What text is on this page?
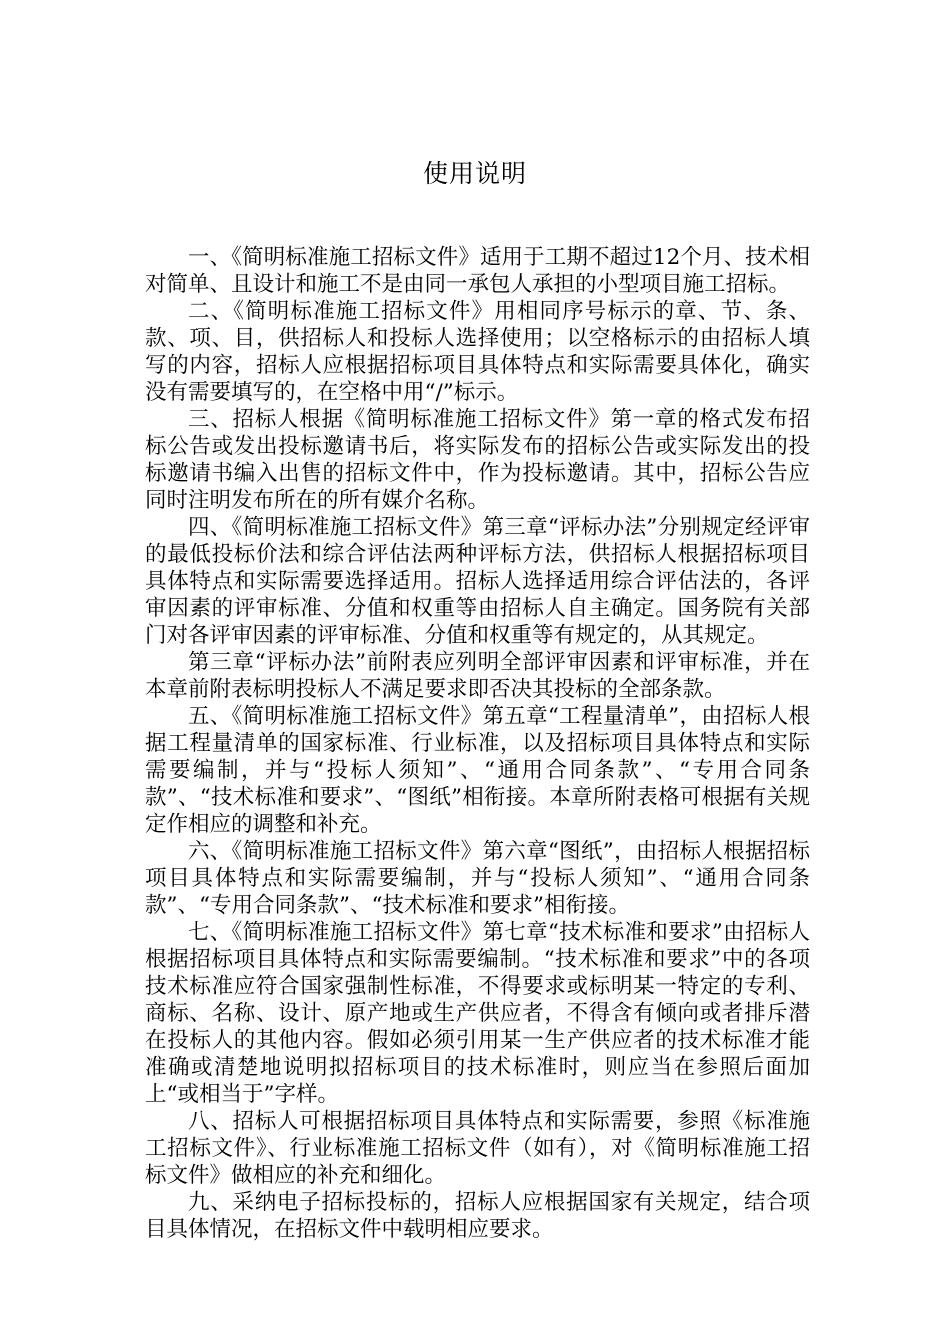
使用说明

一、《简明标准施工招标文件》适用于工期不超过12个月、技术相对简单、且设计和施工不是由同一承包人承担的小型项目施工招标。

二、《简明标准施工招标文件》用相同序号标示的章、节、条、款、项、目，供招标人和投标人选择使用；以空格标示的由招标人填写的内容，招标人应根据招标项目具体特点和实际需要具体化，确实没有需要填写的，在空格中用“/”标示。

三、招标人根据《简明标准施工招标文件》第一章的格式发布招标公告或发出投标邀请书后，将实际发布的招标公告或实际发出的投标邀请书编入出售的招标文件中，作为投标邀请。其中，招标公告应同时注明发布所在的所有媒介名称。

四、《简明标准施工招标文件》第三章“评标办法”分别规定经评审的最低投标价法和综合评估法两种评标方法，供招标人根据招标项目具体特点和实际需要选择适用。招标人选择适用综合评估法的，各评审因素的评审标准、分值和权重等由招标人自主确定。国务院有关部门对各评审因素的评审标准、分值和权重等有规定的，从其规定。

第三章“评标办法”前附表应列明全部评审因素和评审标准，并在本章前附表标明投标人不满足要求即否决其投标的全部条款。

五、《简明标准施工招标文件》第五章“工程量清单”，由招标人根据工程量清单的国家标准、行业标准，以及招标项目具体特点和实际需要编制，并与“投标人须知”、“通用合同条款”、“专用合同条款”、“技术标准和要求”、“图纸”相衔接。本章所附表格可根据有关规定作相应的调整和补充。

六、《简明标准施工招标文件》第六章“图纸”，由招标人根据招标项目具体特点和实际需要编制，并与“投标人须知”、“通用合同条款”、“专用合同条款”、“技术标准和要求”相衔接。

七、《简明标准施工招标文件》第七章“技术标准和要求”由招标人根据招标项目具体特点和实际需要编制。“技术标准和要求”中的各项技术标准应符合国家强制性标准，不得要求或标明某一特定的专利、商标、名称、设计、原产地或生产供应者，不得含有倾向或者排斥潜在投标人的其他内容。假如必须引用某一生产供应者的技术标准才能准确或清楚地说明拟招标项目的技术标准时，则应当在参照后面加上“或相当于”字样。

八、招标人可根据招标项目具体特点和实际需要，参照《标准施工招标文件》、行业标准施工招标文件（如有），对《简明标准施工招标文件》做相应的补充和细化。

九、采纳电子招标投标的，招标人应根据国家有关规定，结合项目具体情况，在招标文件中载明相应要求。
